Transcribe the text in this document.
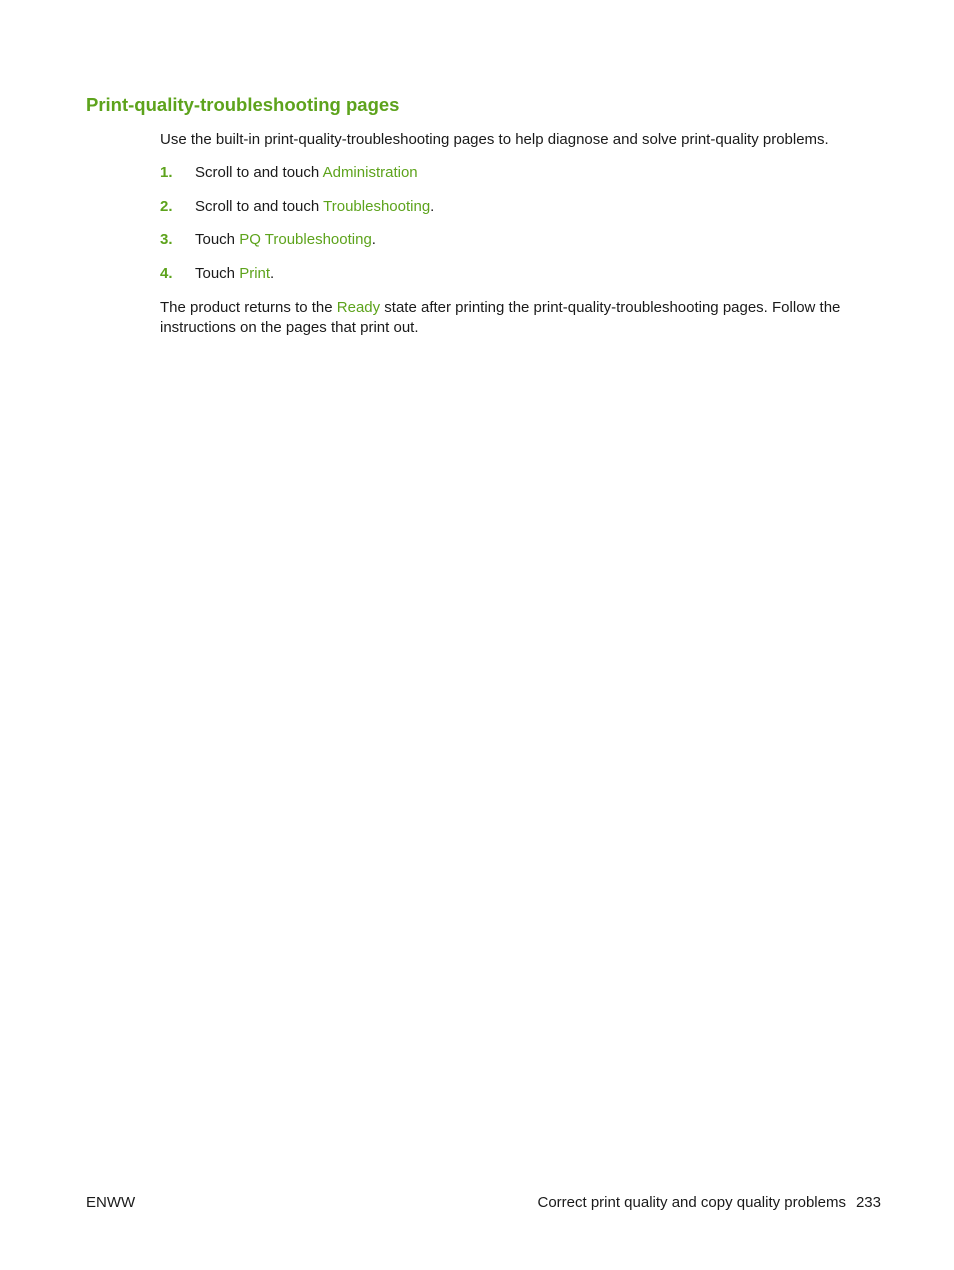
Print-quality-troubleshooting pages

Use the built-in print-quality-troubleshooting pages to help diagnose and solve print-quality problems.

1. Scroll to and touch Administration
2. Scroll to and touch Troubleshooting.
3. Touch PQ Troubleshooting.
4. Touch Print.

The product returns to the Ready state after printing the print-quality-troubleshooting pages. Follow the instructions on the pages that print out.

ENWW	Correct print quality and copy quality problems 233
